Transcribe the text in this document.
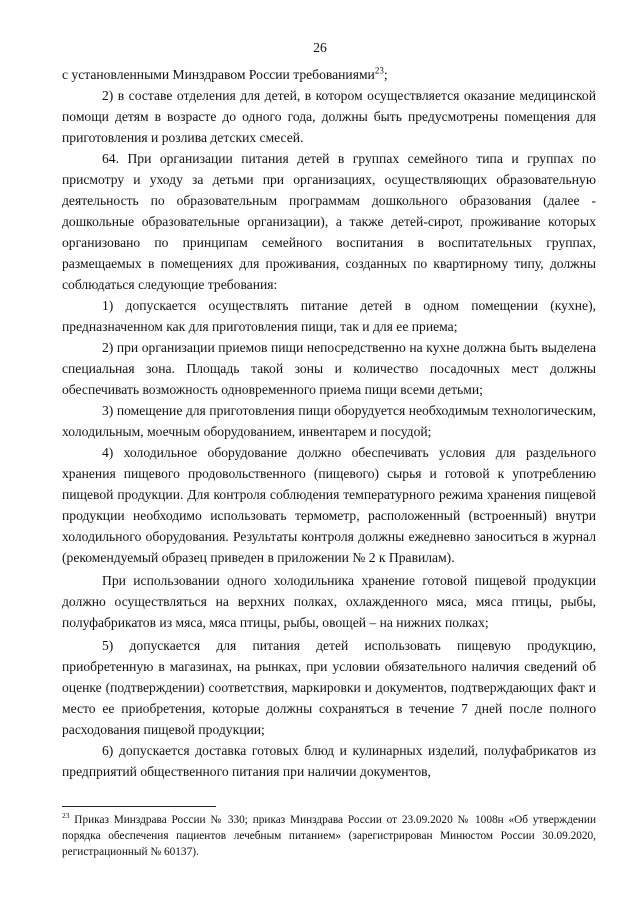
26

с установленными Минздравом России требованиями$^{23}$;

2) в составе отделения для детей, в котором осуществляется оказание медицинской помощи детям в возрасте до одного года, должны быть предусмотрены помещения для приготовления и розлива детских смесей.

64. При организации питания детей в группах семейного типа и группах по присмотру и уходу за детьми при организациях, осуществляющих образовательную деятельность по образовательным программам дошкольного образования (далее - дошкольные образовательные организации), а также детей-сирот, проживание которых организовано по принципам семейного воспитания в воспитательных группах, размещаемых в помещениях для проживания, созданных по квартирному типу, должны соблюдаться следующие требования:

1) допускается осуществлять питание детей в одном помещении (кухне), предназначенном как для приготовления пищи, так и для ее приема;

2) при организации приемов пищи непосредственно на кухне должна быть выделена специальная зона. Площадь такой зоны и количество посадочных мест должны обеспечивать возможность одновременного приема пищи всеми детьми;

3) помещение для приготовления пищи оборудуется необходимым технологическим, холодильным, моечным оборудованием, инвентарем и посудой;

4) холодильное оборудование должно обеспечивать условия для раздельного хранения пищевого продовольственного (пищевого) сырья и готовой к употреблению пищевой продукции. Для контроля соблюдения температурного режима хранения пищевой продукции необходимо использовать термометр, расположенный (встроенный) внутри холодильного оборудования. Результаты контроля должны ежедневно заноситься в журнал (рекомендуемый образец приведен в приложении № 2 к Правилам).

При использовании одного холодильника хранение готовой пищевой продукции должно осуществляться на верхних полках, охлажденного мяса, мяса птицы, рыбы, полуфабрикатов из мяса, мяса птицы, рыбы, овощей – на нижних полках;

5) допускается для питания детей использовать пищевую продукцию, приобретенную в магазинах, на рынках, при условии обязательного наличия сведений об оценке (подтверждении) соответствия, маркировки и документов, подтверждающих факт и место ее приобретения, которые должны сохраняться в течение 7 дней после полного расходования пищевой продукции;

6) допускается доставка готовых блюд и кулинарных изделий, полуфабрикатов из предприятий общественного питания при наличии документов,

$^{23}$ Приказ Минздрава России № 330; приказ Минздрава России от 23.09.2020 № 1008н «Об утверждении порядка обеспечения пациентов лечебным питанием» (зарегистрирован Минюстом России 30.09.2020, регистрационный № 60137).
